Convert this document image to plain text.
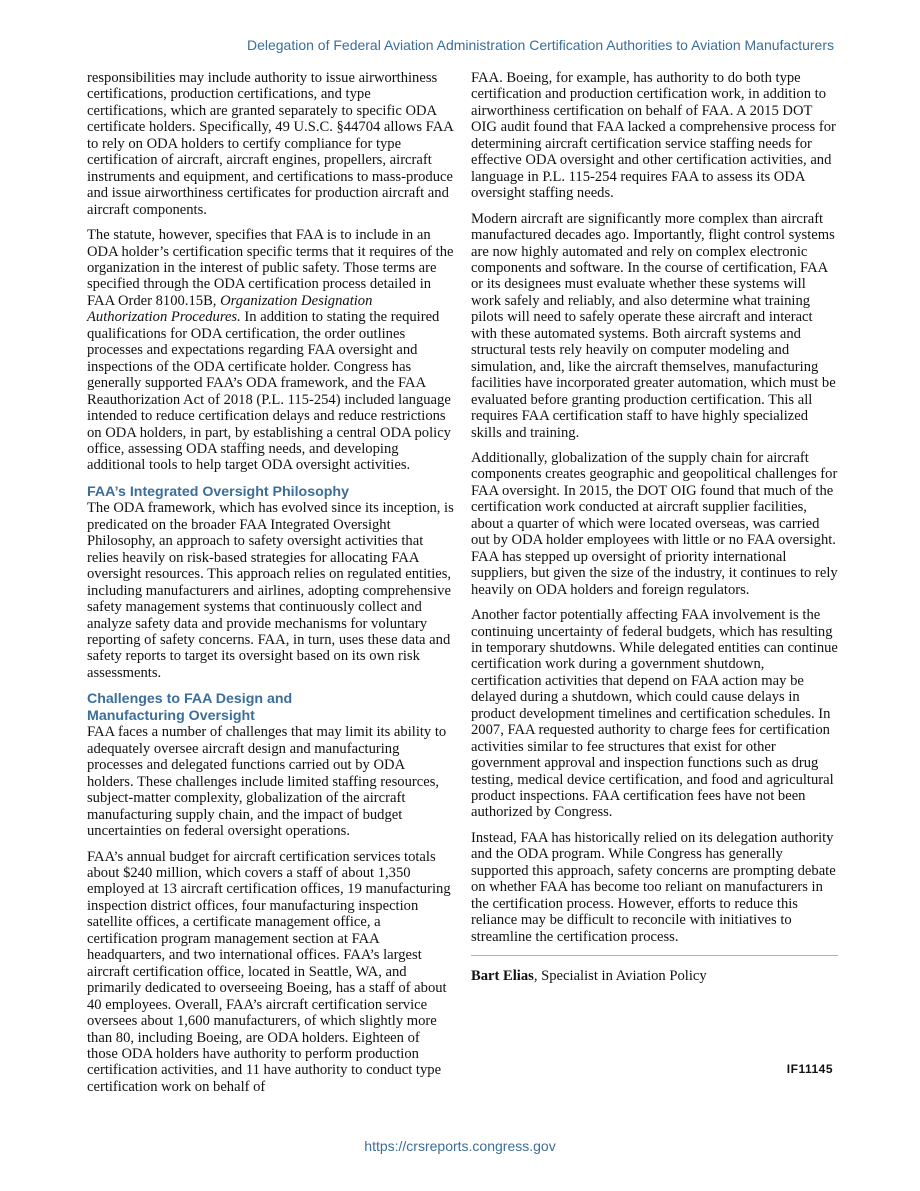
Delegation of Federal Aviation Administration Certification Authorities to Aviation Manufacturers

responsibilities may include authority to issue airworthiness certifications, production certifications, and type certifications, which are granted separately to specific ODA certificate holders. Specifically, 49 U.S.C. §44704 allows FAA to rely on ODA holders to certify compliance for type certification of aircraft, aircraft engines, propellers, aircraft instruments and equipment, and certifications to mass-produce and issue airworthiness certificates for production aircraft and aircraft components.

The statute, however, specifies that FAA is to include in an ODA holder’s certification specific terms that it requires of the organization in the interest of public safety. Those terms are specified through the ODA certification process detailed in FAA Order 8100.15B, Organization Designation Authorization Procedures. In addition to stating the required qualifications for ODA certification, the order outlines processes and expectations regarding FAA oversight and inspections of the ODA certificate holder. Congress has generally supported FAA’s ODA framework, and the FAA Reauthorization Act of 2018 (P.L. 115-254) included language intended to reduce certification delays and reduce restrictions on ODA holders, in part, by establishing a central ODA policy office, assessing ODA staffing needs, and developing additional tools to help target ODA oversight activities.

FAA’s Integrated Oversight Philosophy

The ODA framework, which has evolved since its inception, is predicated on the broader FAA Integrated Oversight Philosophy, an approach to safety oversight activities that relies heavily on risk-based strategies for allocating FAA oversight resources. This approach relies on regulated entities, including manufacturers and airlines, adopting comprehensive safety management systems that continuously collect and analyze safety data and provide mechanisms for voluntary reporting of safety concerns. FAA, in turn, uses these data and safety reports to target its oversight based on its own risk assessments.

Challenges to FAA Design and
Manufacturing Oversight

FAA faces a number of challenges that may limit its ability to adequately oversee aircraft design and manufacturing processes and delegated functions carried out by ODA holders. These challenges include limited staffing resources, subject-matter complexity, globalization of the aircraft manufacturing supply chain, and the impact of budget uncertainties on federal oversight operations.

FAA’s annual budget for aircraft certification services totals about $240 million, which covers a staff of about 1,350 employed at 13 aircraft certification offices, 19 manufacturing inspection district offices, four manufacturing inspection satellite offices, a certificate management office, a certification program management section at FAA headquarters, and two international offices. FAA’s largest aircraft certification office, located in Seattle, WA, and primarily dedicated to overseeing Boeing, has a staff of about 40 employees. Overall, FAA’s aircraft certification service oversees about 1,600 manufacturers, of which slightly more than 80, including Boeing, are ODA holders. Eighteen of those ODA holders have authority to perform production certification activities, and 11 have authority to conduct type certification work on behalf of

FAA. Boeing, for example, has authority to do both type certification and production certification work, in addition to airworthiness certification on behalf of FAA. A 2015 DOT OIG audit found that FAA lacked a comprehensive process for determining aircraft certification service staffing needs for effective ODA oversight and other certification activities, and language in P.L. 115-254 requires FAA to assess its ODA oversight staffing needs.

Modern aircraft are significantly more complex than aircraft manufactured decades ago. Importantly, flight control systems are now highly automated and rely on complex electronic components and software. In the course of certification, FAA or its designees must evaluate whether these systems will work safely and reliably, and also determine what training pilots will need to safely operate these aircraft and interact with these automated systems. Both aircraft systems and structural tests rely heavily on computer modeling and simulation, and, like the aircraft themselves, manufacturing facilities have incorporated greater automation, which must be evaluated before granting production certification. This all requires FAA certification staff to have highly specialized skills and training.

Additionally, globalization of the supply chain for aircraft components creates geographic and geopolitical challenges for FAA oversight. In 2015, the DOT OIG found that much of the certification work conducted at aircraft supplier facilities, about a quarter of which were located overseas, was carried out by ODA holder employees with little or no FAA oversight. FAA has stepped up oversight of priority international suppliers, but given the size of the industry, it continues to rely heavily on ODA holders and foreign regulators.

Another factor potentially affecting FAA involvement is the continuing uncertainty of federal budgets, which has resulting in temporary shutdowns. While delegated entities can continue certification work during a government shutdown, certification activities that depend on FAA action may be delayed during a shutdown, which could cause delays in product development timelines and certification schedules. In 2007, FAA requested authority to charge fees for certification activities similar to fee structures that exist for other government approval and inspection functions such as drug testing, medical device certification, and food and agricultural product inspections. FAA certification fees have not been authorized by Congress.

Instead, FAA has historically relied on its delegation authority and the ODA program. While Congress has generally supported this approach, safety concerns are prompting debate on whether FAA has become too reliant on manufacturers in the certification process. However, efforts to reduce this reliance may be difficult to reconcile with initiatives to streamline the certification process.

Bart Elias, Specialist in Aviation Policy

IF11145
https://crsreports.congress.gov
